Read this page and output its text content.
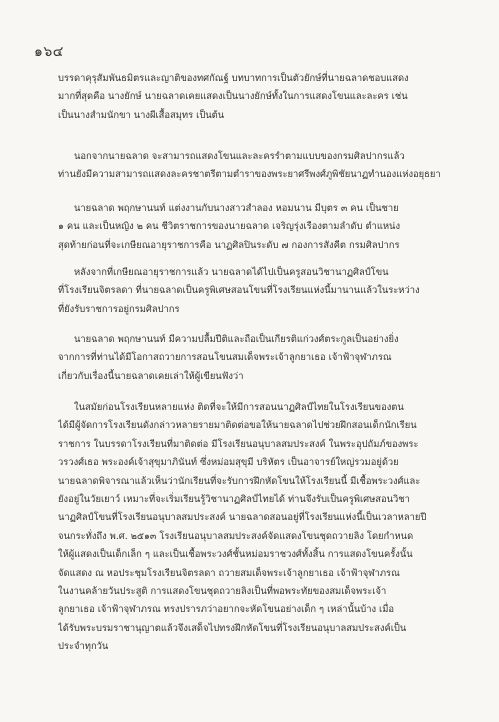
๑๖๔
บรรดาคุรุสัมพันธมิตรและญาติของทศกัณฐ์ บทบาทการเป็นตัวยักษ์ที่นายฉลาดชอบแสดง
มากที่สุดคือ นางยักษ์ นายฉลาดเคยแสดงเป็นนางยักษ์ทั้งในการแสดงโขนและละคร เช่น
เป็นนางสำมนักขา นางผีเสื้อสมุทร เป็นต้น
นอกจากนายฉลาด จะสามารถแสดงโขนและละครรำตามแบบของกรมศิลปากรแล้ว
ท่านยังมีความสามารถแสดงละครชาตรีตามตำราของพระยาศรีพงศ์ภูพิชัยนาฏทำนองแห่งอยุธยา
นายฉลาด พฤกษานนท์ แต่งงานกับนางสาวสำลอง หอมนาน มีบุตร ๓ คน เป็นชาย
๑ คน และเป็นหญิง ๒ คน ชีวิตราชการของนายฉลาด เจริญรุ่งเรืองตามลำดับ ตำแหน่ง
สุดท้ายก่อนที่จะเกษียณอายุราชการคือ นาฏศิลปินระดับ ๗ กองการสังคีต กรมศิลปากร
หลังจากที่เกษียณอายุราชการแล้ว นายฉลาดได้ไปเป็นครูสอนวิชานาฏศิลป์โขน
ที่โรงเรียนจิตรลดา ที่นายฉลาดเป็นครูพิเศษสอนโขนที่โรงเรียนแห่งนี้มานานแล้วในระหว่าง
ที่ยังรับราชการอยู่กรมศิลปากร
นายฉลาด พฤกษานนท์ มีความปลื้มปีติและถือเป็นเกียรติแก่วงศ์ตระกูลเป็นอย่างยิ่ง
จากการที่ท่านได้มีโอกาสถวายการสอนโขนสมเด็จพระเจ้าลูกยาเธอ เจ้าฟ้าจุฬาภรณ
เกี่ยวกับเรื่องนี้นายฉลาดเคยเล่าให้ผู้เขียนฟังว่า
ในสมัยก่อนโรงเรียนหลายแห่ง ติดที่จะให้มีการสอนนาฏศิลป์ไทยในโรงเรียนของตน
ได้มีผู้จัดการโรงเรียนดังกล่าวหลายรายมาติดต่อขอให้นายฉลาดไปช่วยฝึกสอนเด็กนักเรียน
ราชการ ในบรรดาโรงเรียนที่มาติดต่อ มีโรงเรียนอนุบาลสมประสงค์ ในพระอุปถัมภ์ของพระ
วรวงศ์เธอ พระองค์เจ้าสุขุมาภินันท์ ซึ่งหม่อมสุขุมี บริหัตร เป็นอาจารย์ใหญ่รวมอยู่ด้วย
นายฉลาดพิจารณาแล้วเห็นว่านักเรียนที่จะรับการฝึกหัดโขนให้โรงเรียนนี้ มีเชื้อพระวงศ์และ
ยังอยู่ในวัยเยาว์ เหมาะที่จะเริ่มเรียนรู้วิชานาฏศิลป์ไทยได้ ท่านจึงรับเป็นครูพิเศษสอนวิชา
นาฏศิลป์โขนที่โรงเรียนอนุบาลสมประสงค์ นายฉลาดสอนอยู่ที่โรงเรียนแห่งนี้เป็นเวลาหลายปี
จนกระทั่งถึง พ.ศ. ๒๕๑๓ โรงเรียนอนุบาลสมประสงค์จัดแสดงโขนชุดถวายลิง โดยกำหนด
ให้ผู้แสดงเป็นเด็กเล็ก ๆ และเป็นเชื้อพระวงศ์ชั้นหม่อมราชวงศ์ทั้งสิ้น การแสดงโขนครั้งนั้น
จัดแสดง ณ หอประชุมโรงเรียนจิตรลดา ถวายสมเด็จพระเจ้าลูกยาเธอ เจ้าฟ้าจุฬาภรณ
ในงานคล้ายวันประสูติ การแสดงโขนชุดถวายลิงเป็นที่พอพระทัยของสมเด็จพระเจ้า
ลูกยาเธอ เจ้าฟ้าจุฬาภรณ ทรงปรารภว่าอยากจะหัดโขนอย่างเด็ก ๆ เหล่านั้นบ้าง เมื่อ
ได้รับพระบรมราชานุญาตแล้วจึงเสด็จไปทรงฝึกหัดโขนที่โรงเรียนอนุบาลสมประสงค์เป็น
ประจำทุกวัน
